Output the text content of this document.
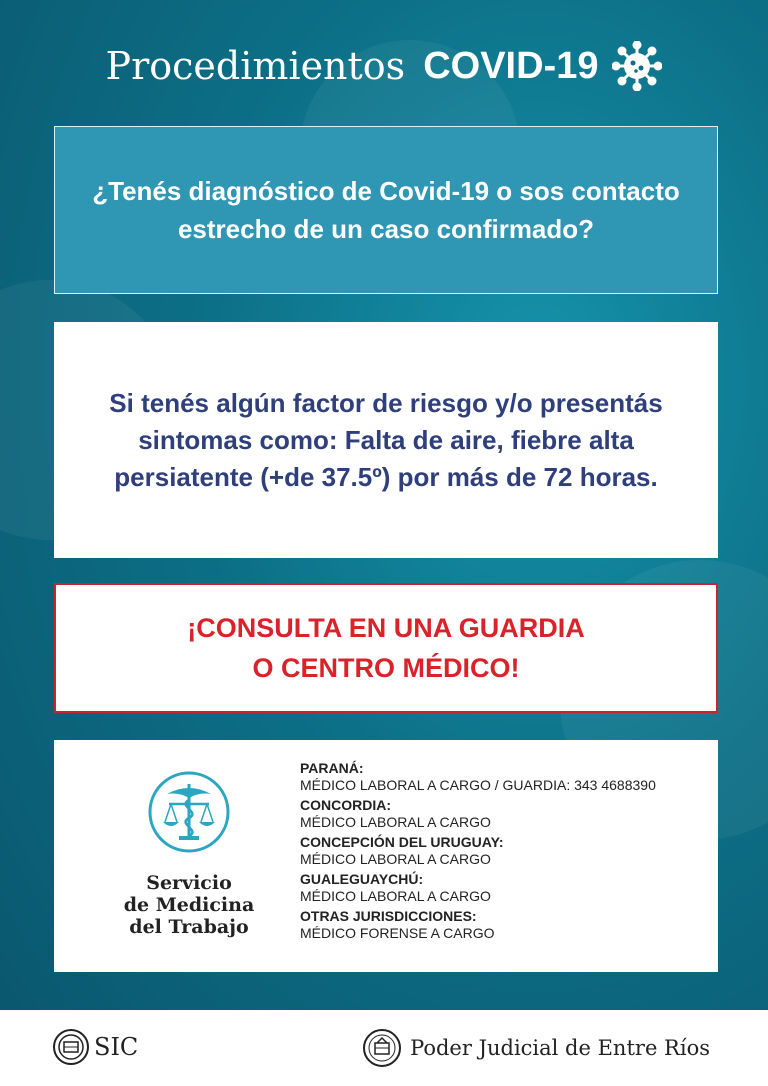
Procedimientos COVID-19
¿Tenés diagnóstico de Covid-19 o sos contacto estrecho de un caso confirmado?
Si tenés algún factor de riesgo y/o presentás sintomas como: Falta de aire, fiebre alta persiatente (+de 37.5º) por más de 72 horas.
¡CONSULTA EN UNA GUARDIA
O CENTRO MÉDICO!
Servicio
de Medicina
del Trabajo
PARANÁ:
MÉDICO LABORAL A CARGO / GUARDIA: 343 4688390
CONCORDIA:
MÉDICO LABORAL A CARGO
CONCEPCIÓN DEL URUGUAY:
MÉDICO LABORAL A CARGO
GUALEGUAYCHÚ:
MÉDICO LABORAL A CARGO
OTRAS JURISDICCIONES:
MÉDICO FORENSE A CARGO
SIC	Poder Judicial de Entre Ríos
